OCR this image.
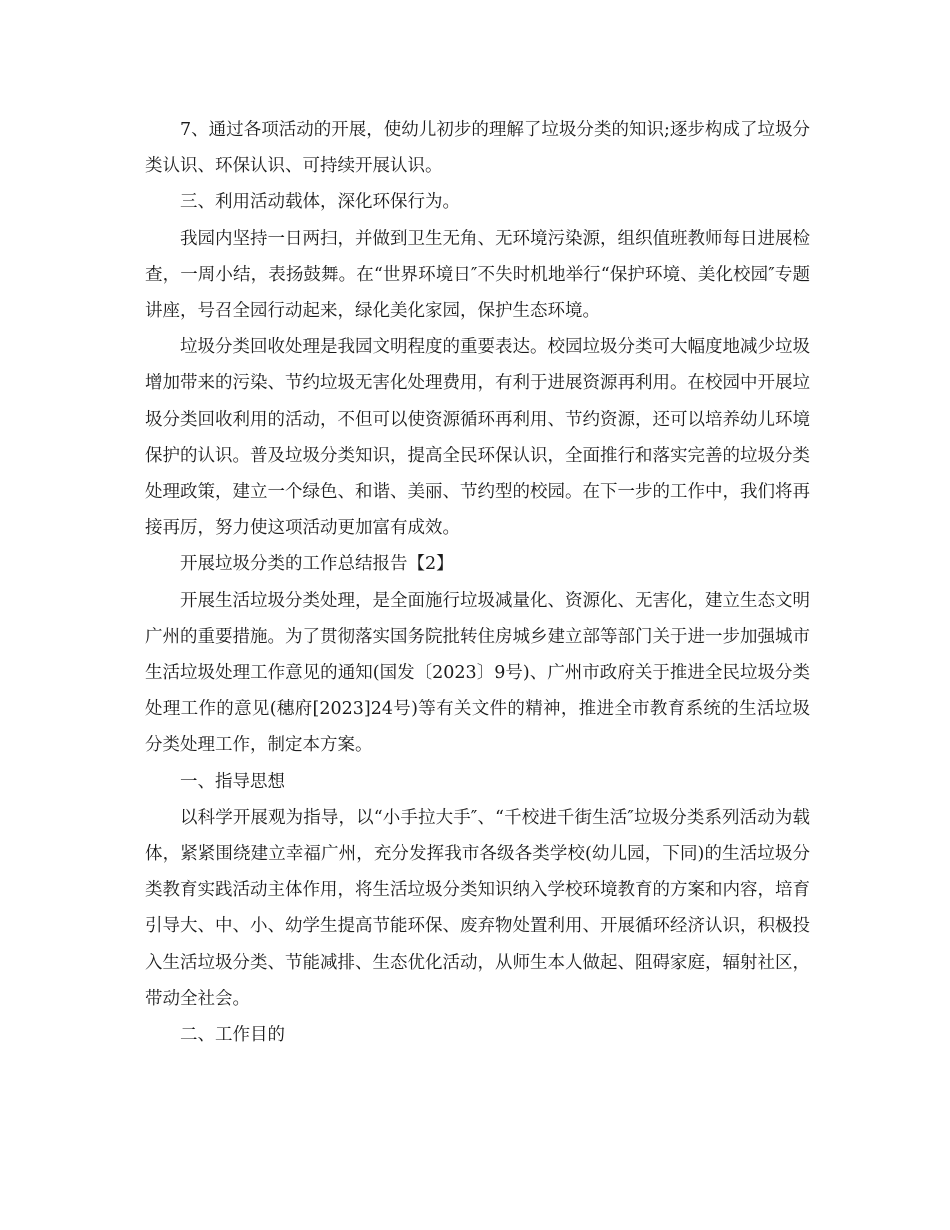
7、通过各项活动的开展，使幼儿初步的理解了垃圾分类的知识;逐步构成了垃圾分类认识、环保认识、可持续开展认识。

三、利用活动载体，深化环保行为。

我园内坚持一日两扫，并做到卫生无角、无环境污染源，组织值班教师每日进展检查，一周小结，表扬鼓舞。在“世界环境日″不失时机地举行“保护环境、美化校园″专题讲座，号召全园行动起来，绿化美化家园，保护生态环境。

垃圾分类回收处理是我园文明程度的重要表达。校园垃圾分类可大幅度地减少垃圾增加带来的污染、节约垃圾无害化处理费用，有利于进展资源再利用。在校园中开展垃圾分类回收利用的活动，不但可以使资源循环再利用、节约资源，还可以培养幼儿环境保护的认识。普及垃圾分类知识，提高全民环保认识，全面推行和落实完善的垃圾分类处理政策，建立一个绿色、和谐、美丽、节约型的校园。在下一步的工作中，我们将再接再厉，努力使这项活动更加富有成效。

开展垃圾分类的工作总结报告【2】

开展生活垃圾分类处理，是全面施行垃圾减量化、资源化、无害化，建立生态文明广州的重要措施。为了贯彻落实国务院批转住房城乡建立部等部门关于进一步加强城市生活垃圾处理工作意见的通知(国发〔2023〕9号)、广州市政府关于推进全民垃圾分类处理工作的意见(穗府[2023]24号)等有关文件的精神，推进全市教育系统的生活垃圾分类处理工作，制定本方案。

一、指导思想

以科学开展观为指导，以“小手拉大手″、“千校进千街生活″垃圾分类系列活动为载体，紧紧围绕建立幸福广州，充分发挥我市各级各类学校(幼儿园，下同)的生活垃圾分类教育实践活动主体作用，将生活垃圾分类知识纳入学校环境教育的方案和内容，培育引导大、中、小、幼学生提高节能环保、废弃物处置利用、开展循环经济认识，积极投入生活垃圾分类、节能减排、生态优化活动，从师生本人做起、阻碍家庭，辐射社区，带动全社会。

二、工作目的
